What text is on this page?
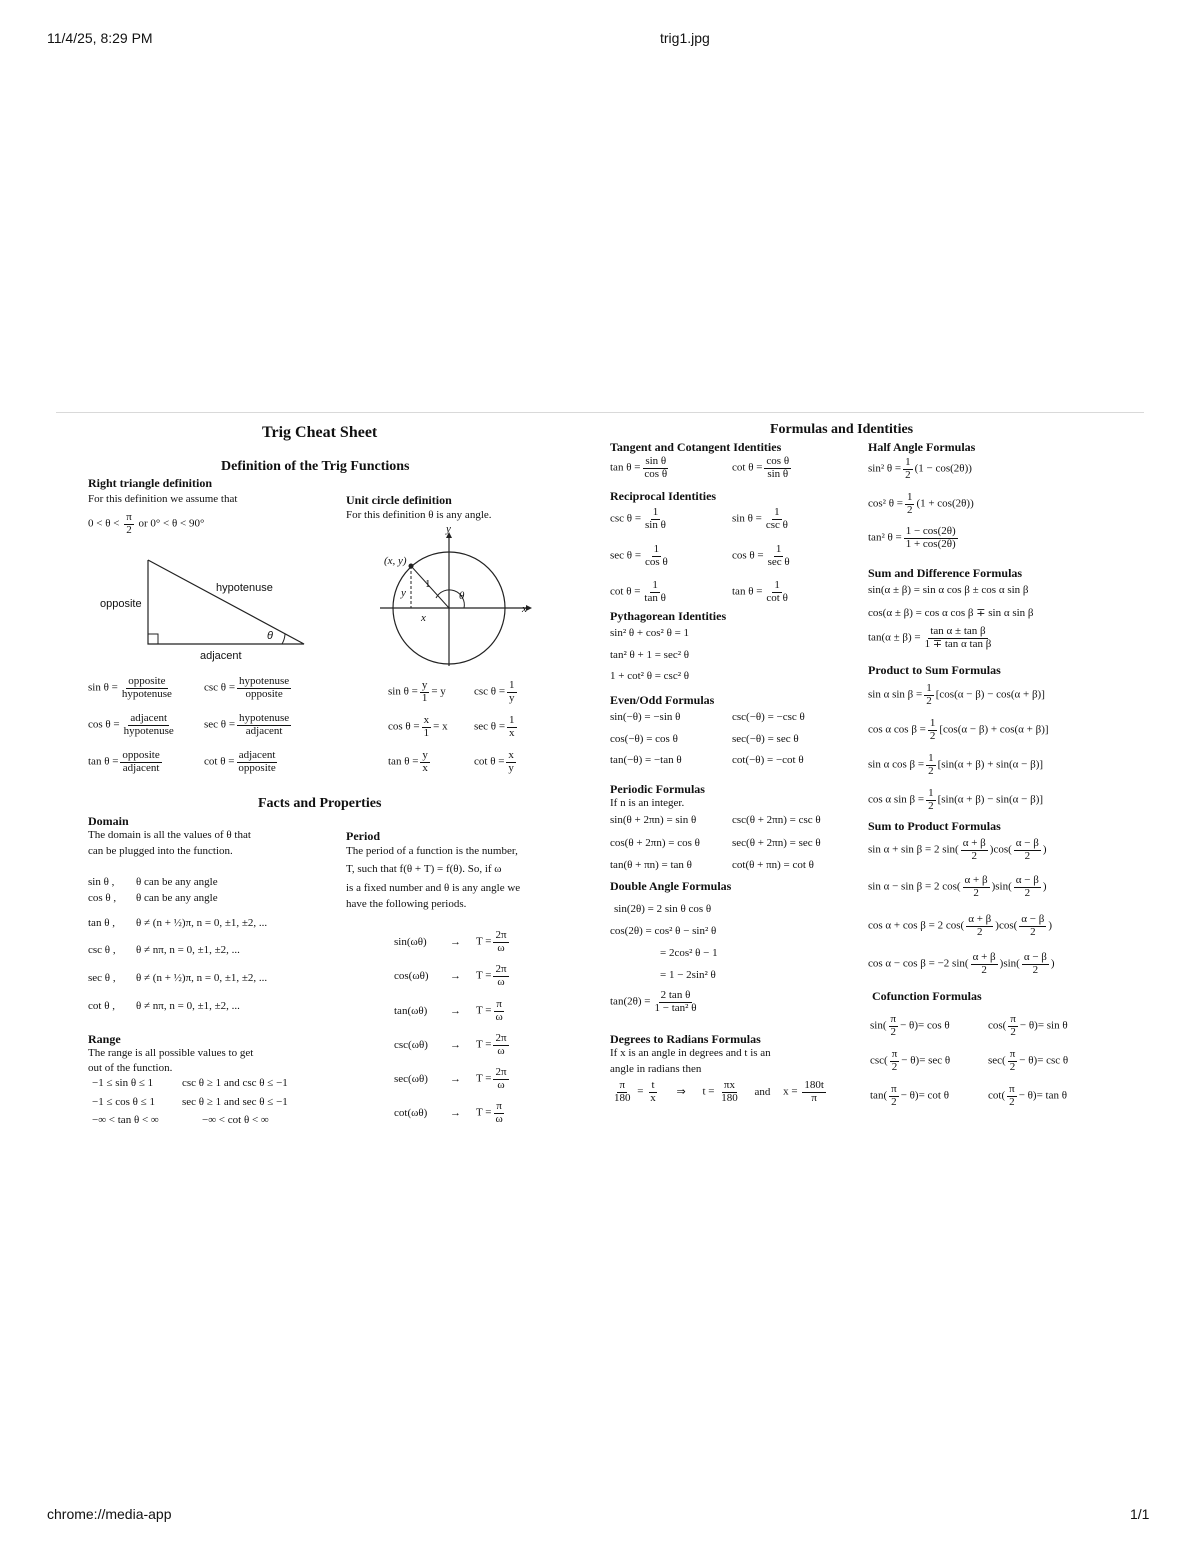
11/4/25, 8:29 PM	trig1.jpg
chrome://media-app	1/1
Trig Cheat Sheet
Definition of the Trig Functions
Right triangle definition
For this definition we assume that
$0 < \theta < \frac{\pi}{2}$ or 0° < θ < 90°
opposite
hypotenuse
adjacent
θ
$\sin \theta = \frac{\text{opposite}}{\text{hypotenuse}}$	$\csc \theta = \frac{\text{hypotenuse}}{\text{opposite}}$
$\cos \theta = \frac{\text{adjacent}}{\text{hypotenuse}}$	$\sec \theta = \frac{\text{hypotenuse}}{\text{adjacent}}$
$\tan \theta = \frac{\text{opposite}}{\text{adjacent}}$	$\cot \theta = \frac{\text{adjacent}}{\text{opposite}}$
Unit circle definition
For this definition θ is any angle.
(x, y)
x
y
1
θ
x
y
$\sin \theta = \frac{y}{1} = y$	$\csc \theta = \frac{1}{y}$
$\cos \theta = \frac{x}{1} = x$ $\sec \theta = \frac{1}{x}$
$\tan \theta = \frac{y}{x}$	$\cot \theta = \frac{x}{y}$
Facts and Properties
Domain
The domain is all the values of θ that
can be plugged into the function.
sin θ , θ can be any angle
cos θ , θ can be any angle
tan θ , θ ≠ (n + ½)π, n = 0, ±1, ±2, ...
csc θ , θ ≠ nπ, n = 0, ±1, ±2, ...
sec θ , θ ≠ (n + ½)π, n = 0, ±1, ±2, ...
cot θ , θ ≠ nπ, n = 0, ±1, ±2, ...
Range
The range is all possible values to get
out of the function.
−1 ≤ sin θ ≤ 1	csc θ ≥ 1 and csc θ ≤ −1
−1 ≤ cos θ ≤ 1 sec θ ≥ 1 and sec θ ≤ −1
−∞ < tan θ < ∞	−∞ < cot θ < ∞
Period
The period of a function is the number,
T, such that f(θ + T) = f(θ). So, if ω
is a fixed number and θ is any angle we
have the following periods.
$\sin(\omega\theta) \to T = \frac{2\pi}{\omega}$
$\cos(\omega\theta) \to T = \frac{2\pi}{\omega}$
$\tan(\omega\theta) \to T = \frac{\pi}{\omega}$
$\csc(\omega\theta) \to T = \frac{2\pi}{\omega}$
$\sec(\omega\theta) \to T = \frac{2\pi}{\omega}$
$\cot(\omega\theta) \to T = \frac{\pi}{\omega}$
Formulas and Identities
Tangent and Cotangent Identities
$\tan \theta = \frac{\text{sin θ}}{\text{cos θ}}$	$\cot \theta = \frac{\text{cos θ}}{\text{sin θ}}$
Reciprocal Identities
$\csc \theta = \frac{1}{\text{sin θ}}$	$\sin \theta = \frac{1}{\text{csc θ}}$
$\sec \theta = \frac{1}{\text{cos θ}}$	$\cos \theta = \frac{1}{\text{sec θ}}$
$\cot \theta = \frac{1}{\text{tan θ}}$	$\tan \theta = \frac{1}{\text{cot θ}}$
Pythagorean Identities
sin² θ + cos² θ = 1
tan² θ + 1 = sec² θ
1 + cot² θ = csc² θ
Even/Odd Formulas
sin(−θ) = −sin θ	csc(−θ) = −csc θ
cos(−θ) = cos θ	sec(−θ) = sec θ
tan(−θ) = −tan θ	cot(−θ) = −cot θ
Periodic Formulas
If n is an integer.
sin(θ + 2πn) = sin θ	csc(θ + 2πn) = csc θ
cos(θ + 2πn) = cos θ	sec(θ + 2πn) = sec θ
tan(θ + πn) = tan θ	cot(θ + πn) = cot θ
Double Angle Formulas
sin(2θ) = 2 sin θ cos θ
cos(2θ) = cos² θ − sin² θ
= 2cos² θ − 1
= 1 − 2sin² θ
$\tan(2\theta) = \frac{\text{2 tan θ}}{\text{1 − tan² θ}}$
Degrees to Radians Formulas
If x is an angle in degrees and t is an
angle in radians then
$\frac{\pi}{180} = \frac{t}{x}$ ⇒ $t = \frac{\pi x}{180}$ and $x = \frac{180t}{\pi}$
Half Angle Formulas
sin² $\theta = \frac{1}{2} (1 - \cos(2\theta))$
cos² $\theta = \frac{1}{2} (1 + \cos(2\theta))$
tan² $\theta = \frac{1 - \cos(2\theta)}{1 + \cos(2\theta)}$
Sum and Difference Formulas
sin(α ± β) = sin α cos β ± cos α sin β
cos(α ± β) = cos α cos β ∓ sin α sin β
$\tan(\alpha \pm \beta) = \frac{\text{tan α ± tan β}}{\text{1 ∓ tan α tan β}}$
Product to Sum Formulas
sin α $\sin \beta = \frac{1}{2} [\cos(\alpha - \beta) - \cos(\alpha + \beta)]$
cos α $\cos \beta = \frac{1}{2} [\cos(\alpha - \beta) + \cos(\alpha + \beta)]$
sin α $\cos \beta = \frac{1}{2} [\sin(\alpha + \beta) + \sin(\alpha - \beta)]$
cos α $\sin \beta = \frac{1}{2} [\sin(\alpha + \beta) - \sin(\alpha - \beta)]$
Sum to Product Formulas
sin α + sin β = 2 $\sin( \frac{\alpha + \beta}{2} )\cos( \frac{\alpha - \beta}{2}$ )
sin α − sin β = 2 $\cos( \frac{\alpha + \beta}{2} )\sin( \frac{\alpha - \beta}{2}$ )
cos α + cos β = 2 $\cos( \frac{\alpha + \beta}{2} )\cos( \frac{\alpha - \beta}{2}$ )
cos α − cos β = −2 $\sin( \frac{\alpha + \beta}{2} )\sin( \frac{\alpha - \beta}{2}$ )
Cofunction Formulas
$\sin( \frac{\pi}{2} - \theta)= \cos \theta$	$\cos( \frac{\pi}{2} - \theta)= \sin \theta$
$\csc( \frac{\pi}{2} - \theta)= \sec \theta$	$\sec( \frac{\pi}{2} - \theta)= \csc \theta$
$\tan( \frac{\pi}{2} - \theta)= \cot \theta$	$\cot( \frac{\pi}{2} - \theta)= \tan \theta$
